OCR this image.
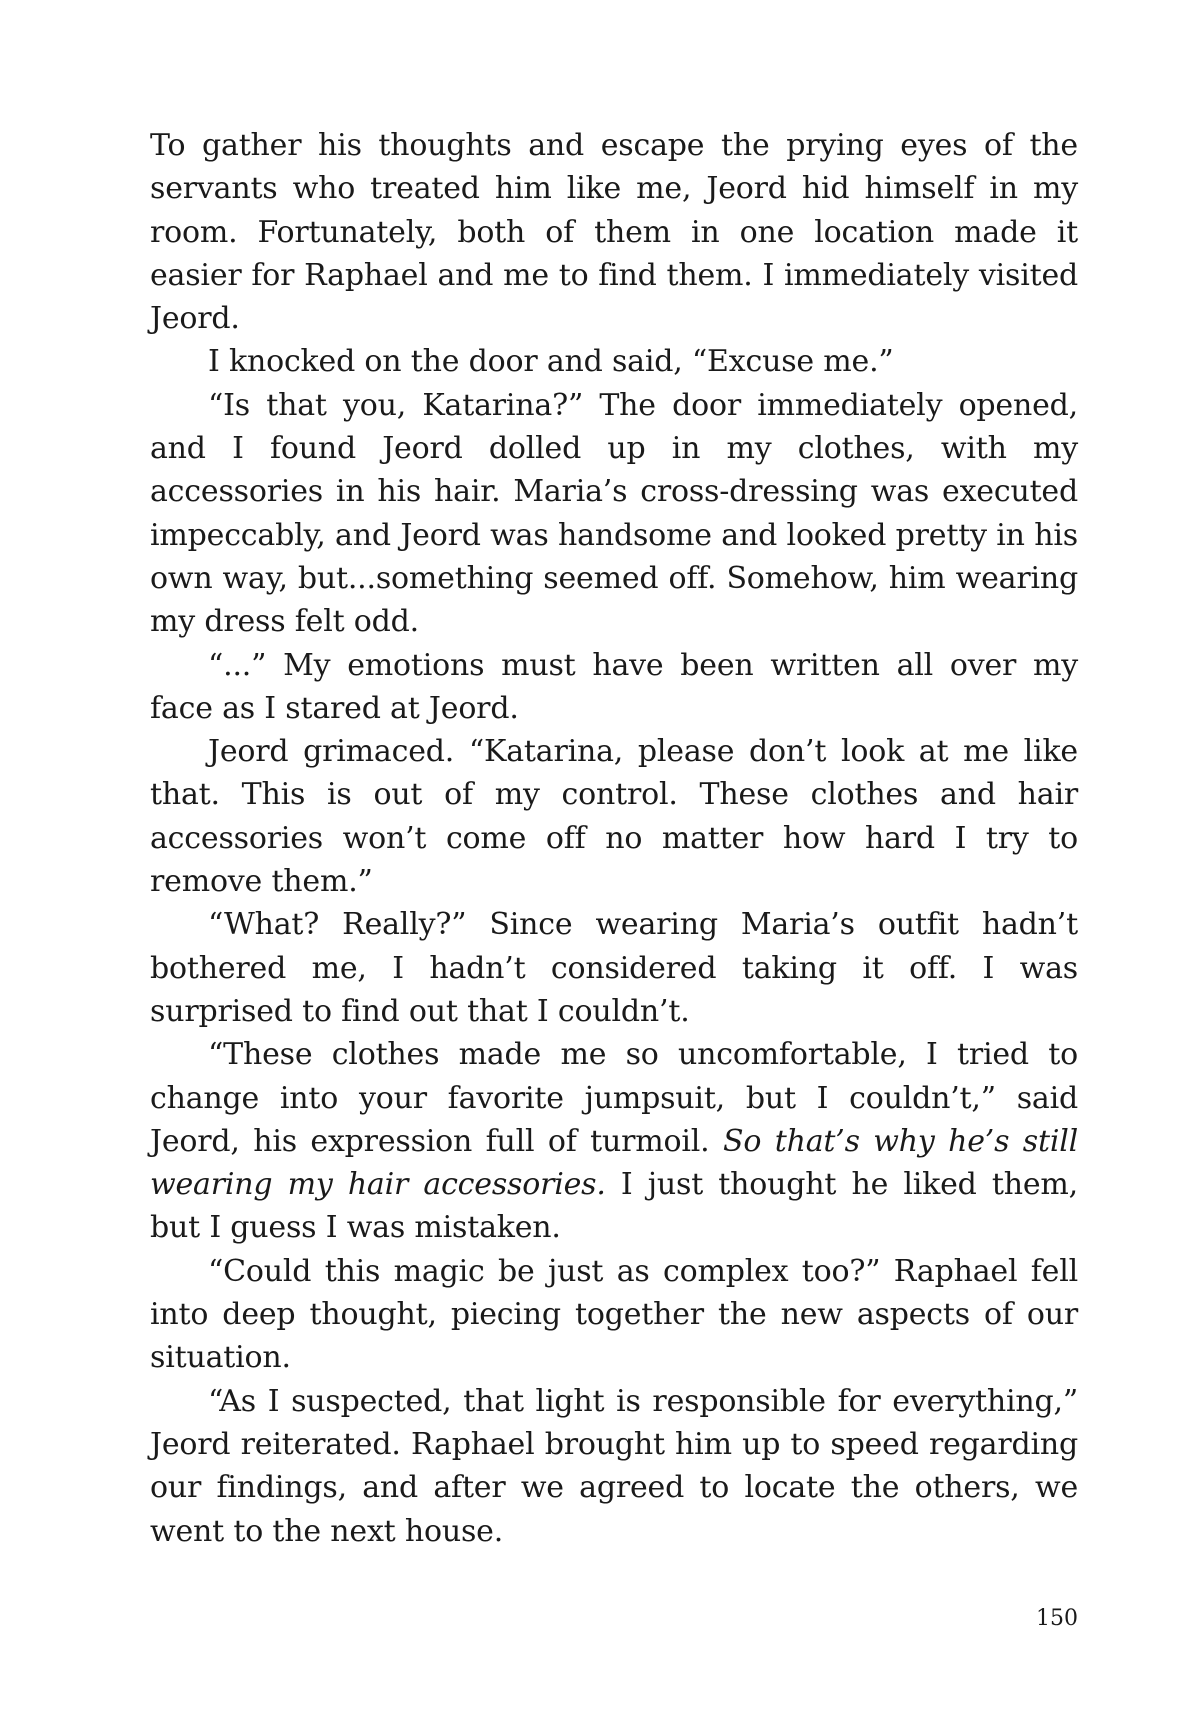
To gather his thoughts and escape the prying eyes of the servants who treated him like me, Jeord hid himself in my room. Fortunately, both of them in one location made it easier for Raphael and me to find them. I immediately visited Jeord.

I knocked on the door and said, “Excuse me.”

“Is that you, Katarina?” The door immediately opened, and I found Jeord dolled up in my clothes, with my accessories in his hair. Maria’s cross-dressing was executed impeccably, and Jeord was handsome and looked pretty in his own way, but...something seemed off. Somehow, him wearing my dress felt odd.

“...” My emotions must have been written all over my face as I stared at Jeord.

Jeord grimaced. “Katarina, please don’t look at me like that. This is out of my control. These clothes and hair accessories won’t come off no matter how hard I try to remove them.”

“What? Really?” Since wearing Maria’s outfit hadn’t bothered me, I hadn’t considered taking it off. I was surprised to find out that I couldn’t.

“These clothes made me so uncomfortable, I tried to change into your favorite jumpsuit, but I couldn’t,” said Jeord, his expression full of turmoil. So that’s why he’s still wearing my hair accessories. I just thought he liked them, but I guess I was mistaken.

“Could this magic be just as complex too?” Raphael fell into deep thought, piecing together the new aspects of our situation.

“As I suspected, that light is responsible for everything,” Jeord reiterated. Raphael brought him up to speed regarding our findings, and after we agreed to locate the others, we went to the next house.

150
